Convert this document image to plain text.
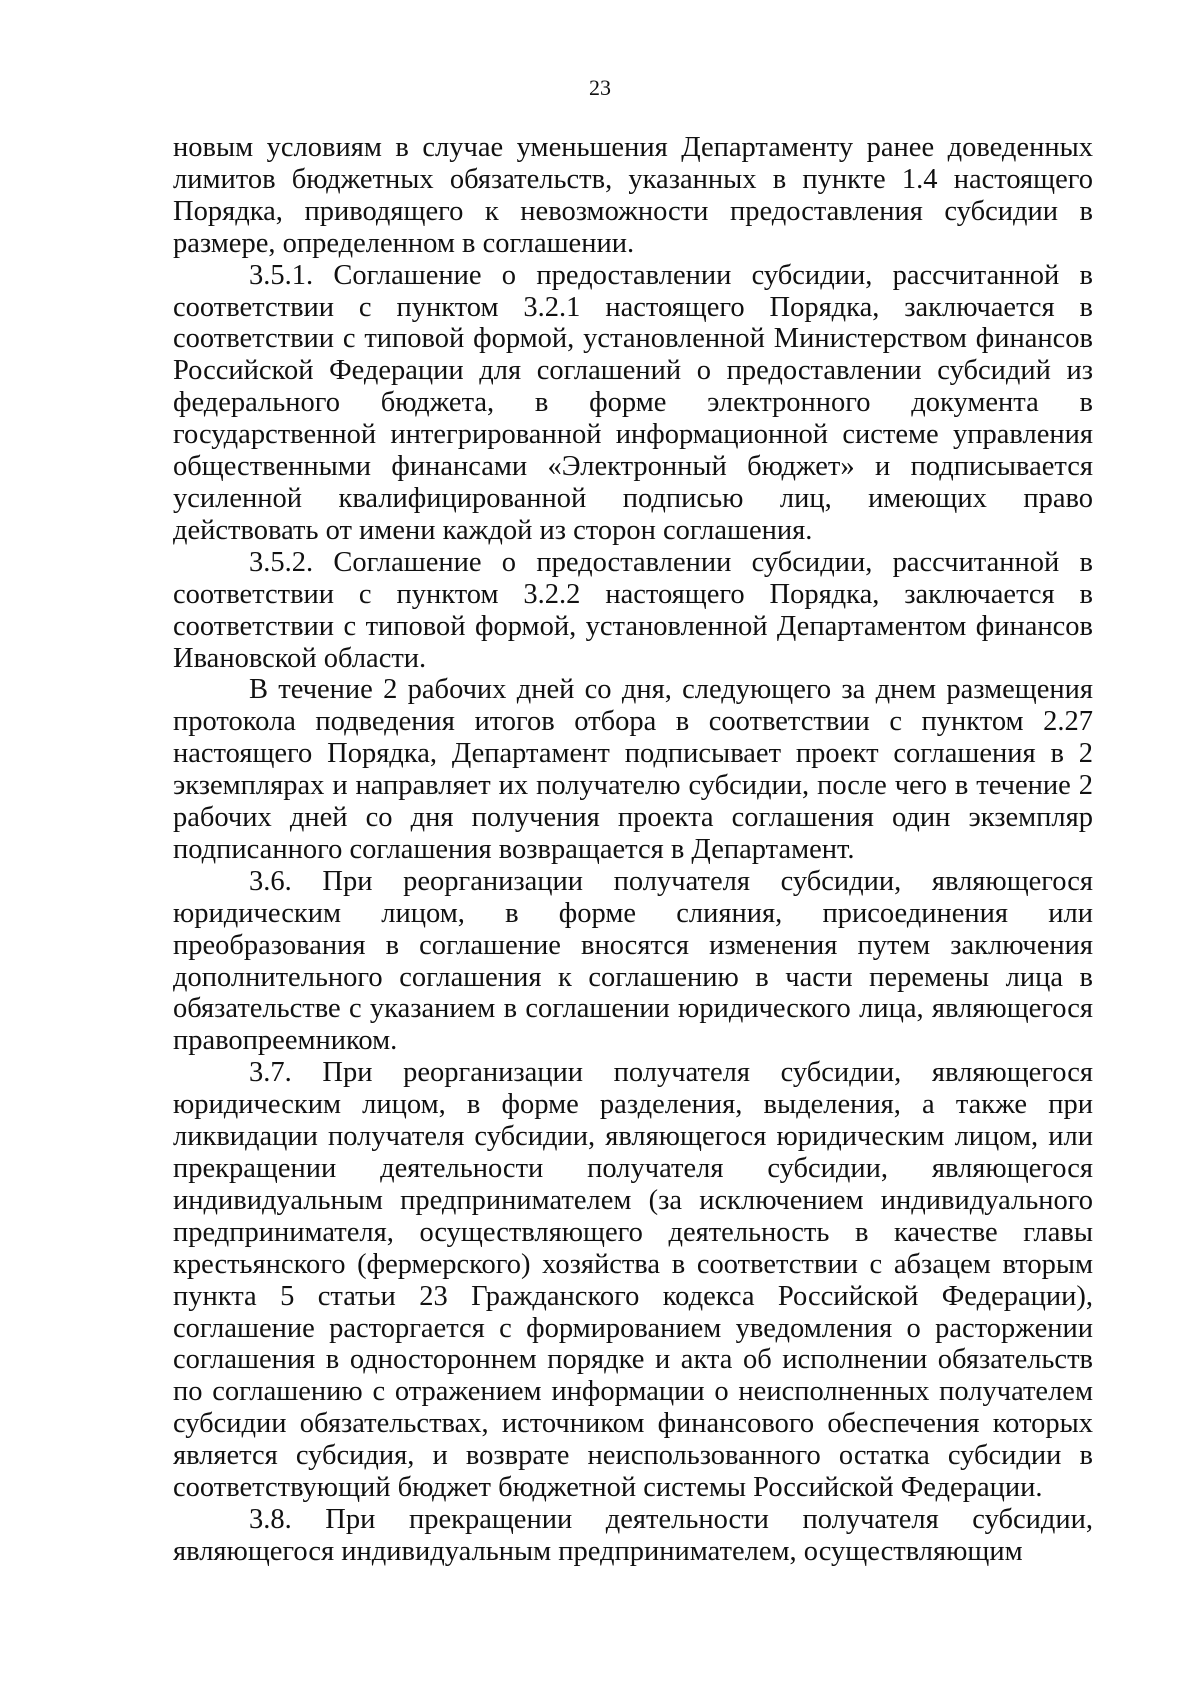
23

новым условиям в случае уменьшения Департаменту ранее доведенных лимитов бюджетных обязательств, указанных в пункте 1.4 настоящего Порядка, приводящего к невозможности предоставления субсидии в размере, определенном в соглашении.

3.5.1. Соглашение о предоставлении субсидии, рассчитанной в соответствии с пунктом 3.2.1 настоящего Порядка, заключается в соответствии с типовой формой, установленной Министерством финансов Российской Федерации для соглашений о предоставлении субсидий из федерального бюджета, в форме электронного документа в государственной интегрированной информационной системе управления общественными финансами «Электронный бюджет» и подписывается усиленной квалифицированной подписью лиц, имеющих право действовать от имени каждой из сторон соглашения.

3.5.2. Соглашение о предоставлении субсидии, рассчитанной в соответствии с пунктом 3.2.2 настоящего Порядка, заключается в соответствии с типовой формой, установленной Департаментом финансов Ивановской области.

В течение 2 рабочих дней со дня, следующего за днем размещения протокола подведения итогов отбора в соответствии с пунктом 2.27 настоящего Порядка, Департамент подписывает проект соглашения в 2 экземплярах и направляет их получателю субсидии, после чего в течение 2 рабочих дней со дня получения проекта соглашения один экземпляр подписанного соглашения возвращается в Департамент.

3.6. При реорганизации получателя субсидии, являющегося юридическим лицом, в форме слияния, присоединения или преобразования в соглашение вносятся изменения путем заключения дополнительного соглашения к соглашению в части перемены лица в обязательстве с указанием в соглашении юридического лица, являющегося правопреемником.

3.7. При реорганизации получателя субсидии, являющегося юридическим лицом, в форме разделения, выделения, а также при ликвидации получателя субсидии, являющегося юридическим лицом, или прекращении деятельности получателя субсидии, являющегося индивидуальным предпринимателем (за исключением индивидуального предпринимателя, осуществляющего деятельность в качестве главы крестьянского (фермерского) хозяйства в соответствии с абзацем вторым пункта 5 статьи 23 Гражданского кодекса Российской Федерации), соглашение расторгается с формированием уведомления о расторжении соглашения в одностороннем порядке и акта об исполнении обязательств по соглашению с отражением информации о неисполненных получателем субсидии обязательствах, источником финансового обеспечения которых является субсидия, и возврате неиспользованного остатка субсидии в соответствующий бюджет бюджетной системы Российской Федерации.

3.8. При прекращении деятельности получателя субсидии, являющегося индивидуальным предпринимателем, осуществляющим
